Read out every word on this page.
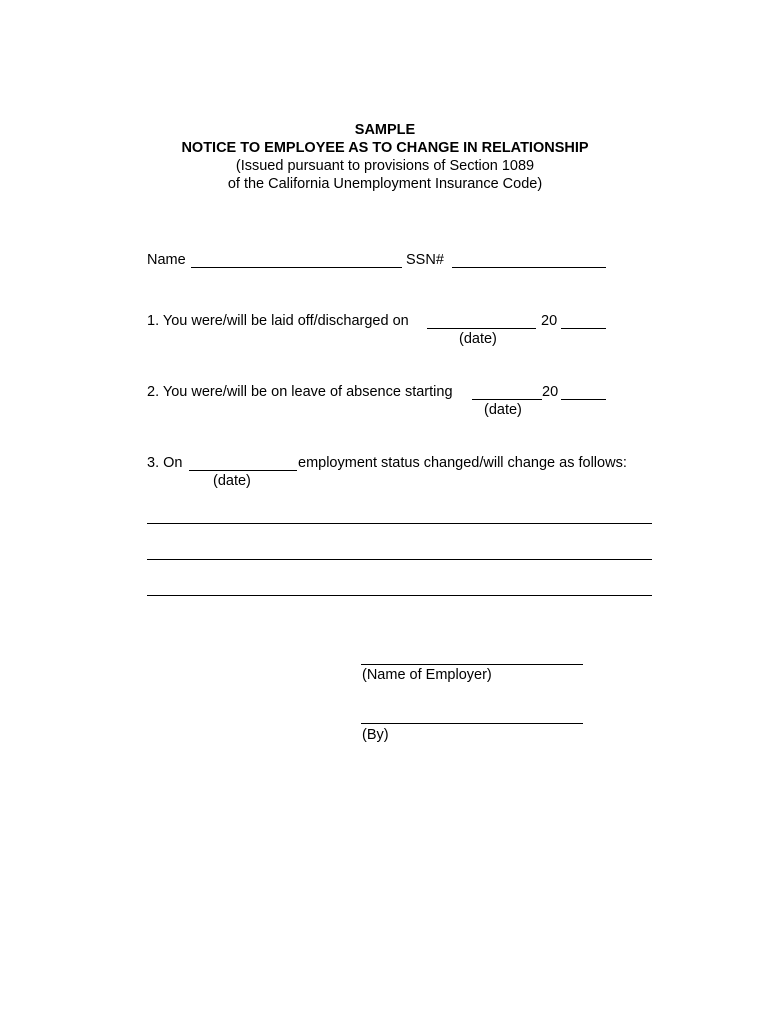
SAMPLE
NOTICE TO EMPLOYEE AS TO CHANGE IN RELATIONSHIP
(Issued pursuant to provisions of Section 1089
of the California Unemployment Insurance Code)
Name	SSN#
1. You were/will be laid off/discharged on	20
(date)
2. You were/will be on leave of absence starting	20
(date)
3. On	employment status changed/will change as follows:
(date)
(Name of Employer)
(By)
